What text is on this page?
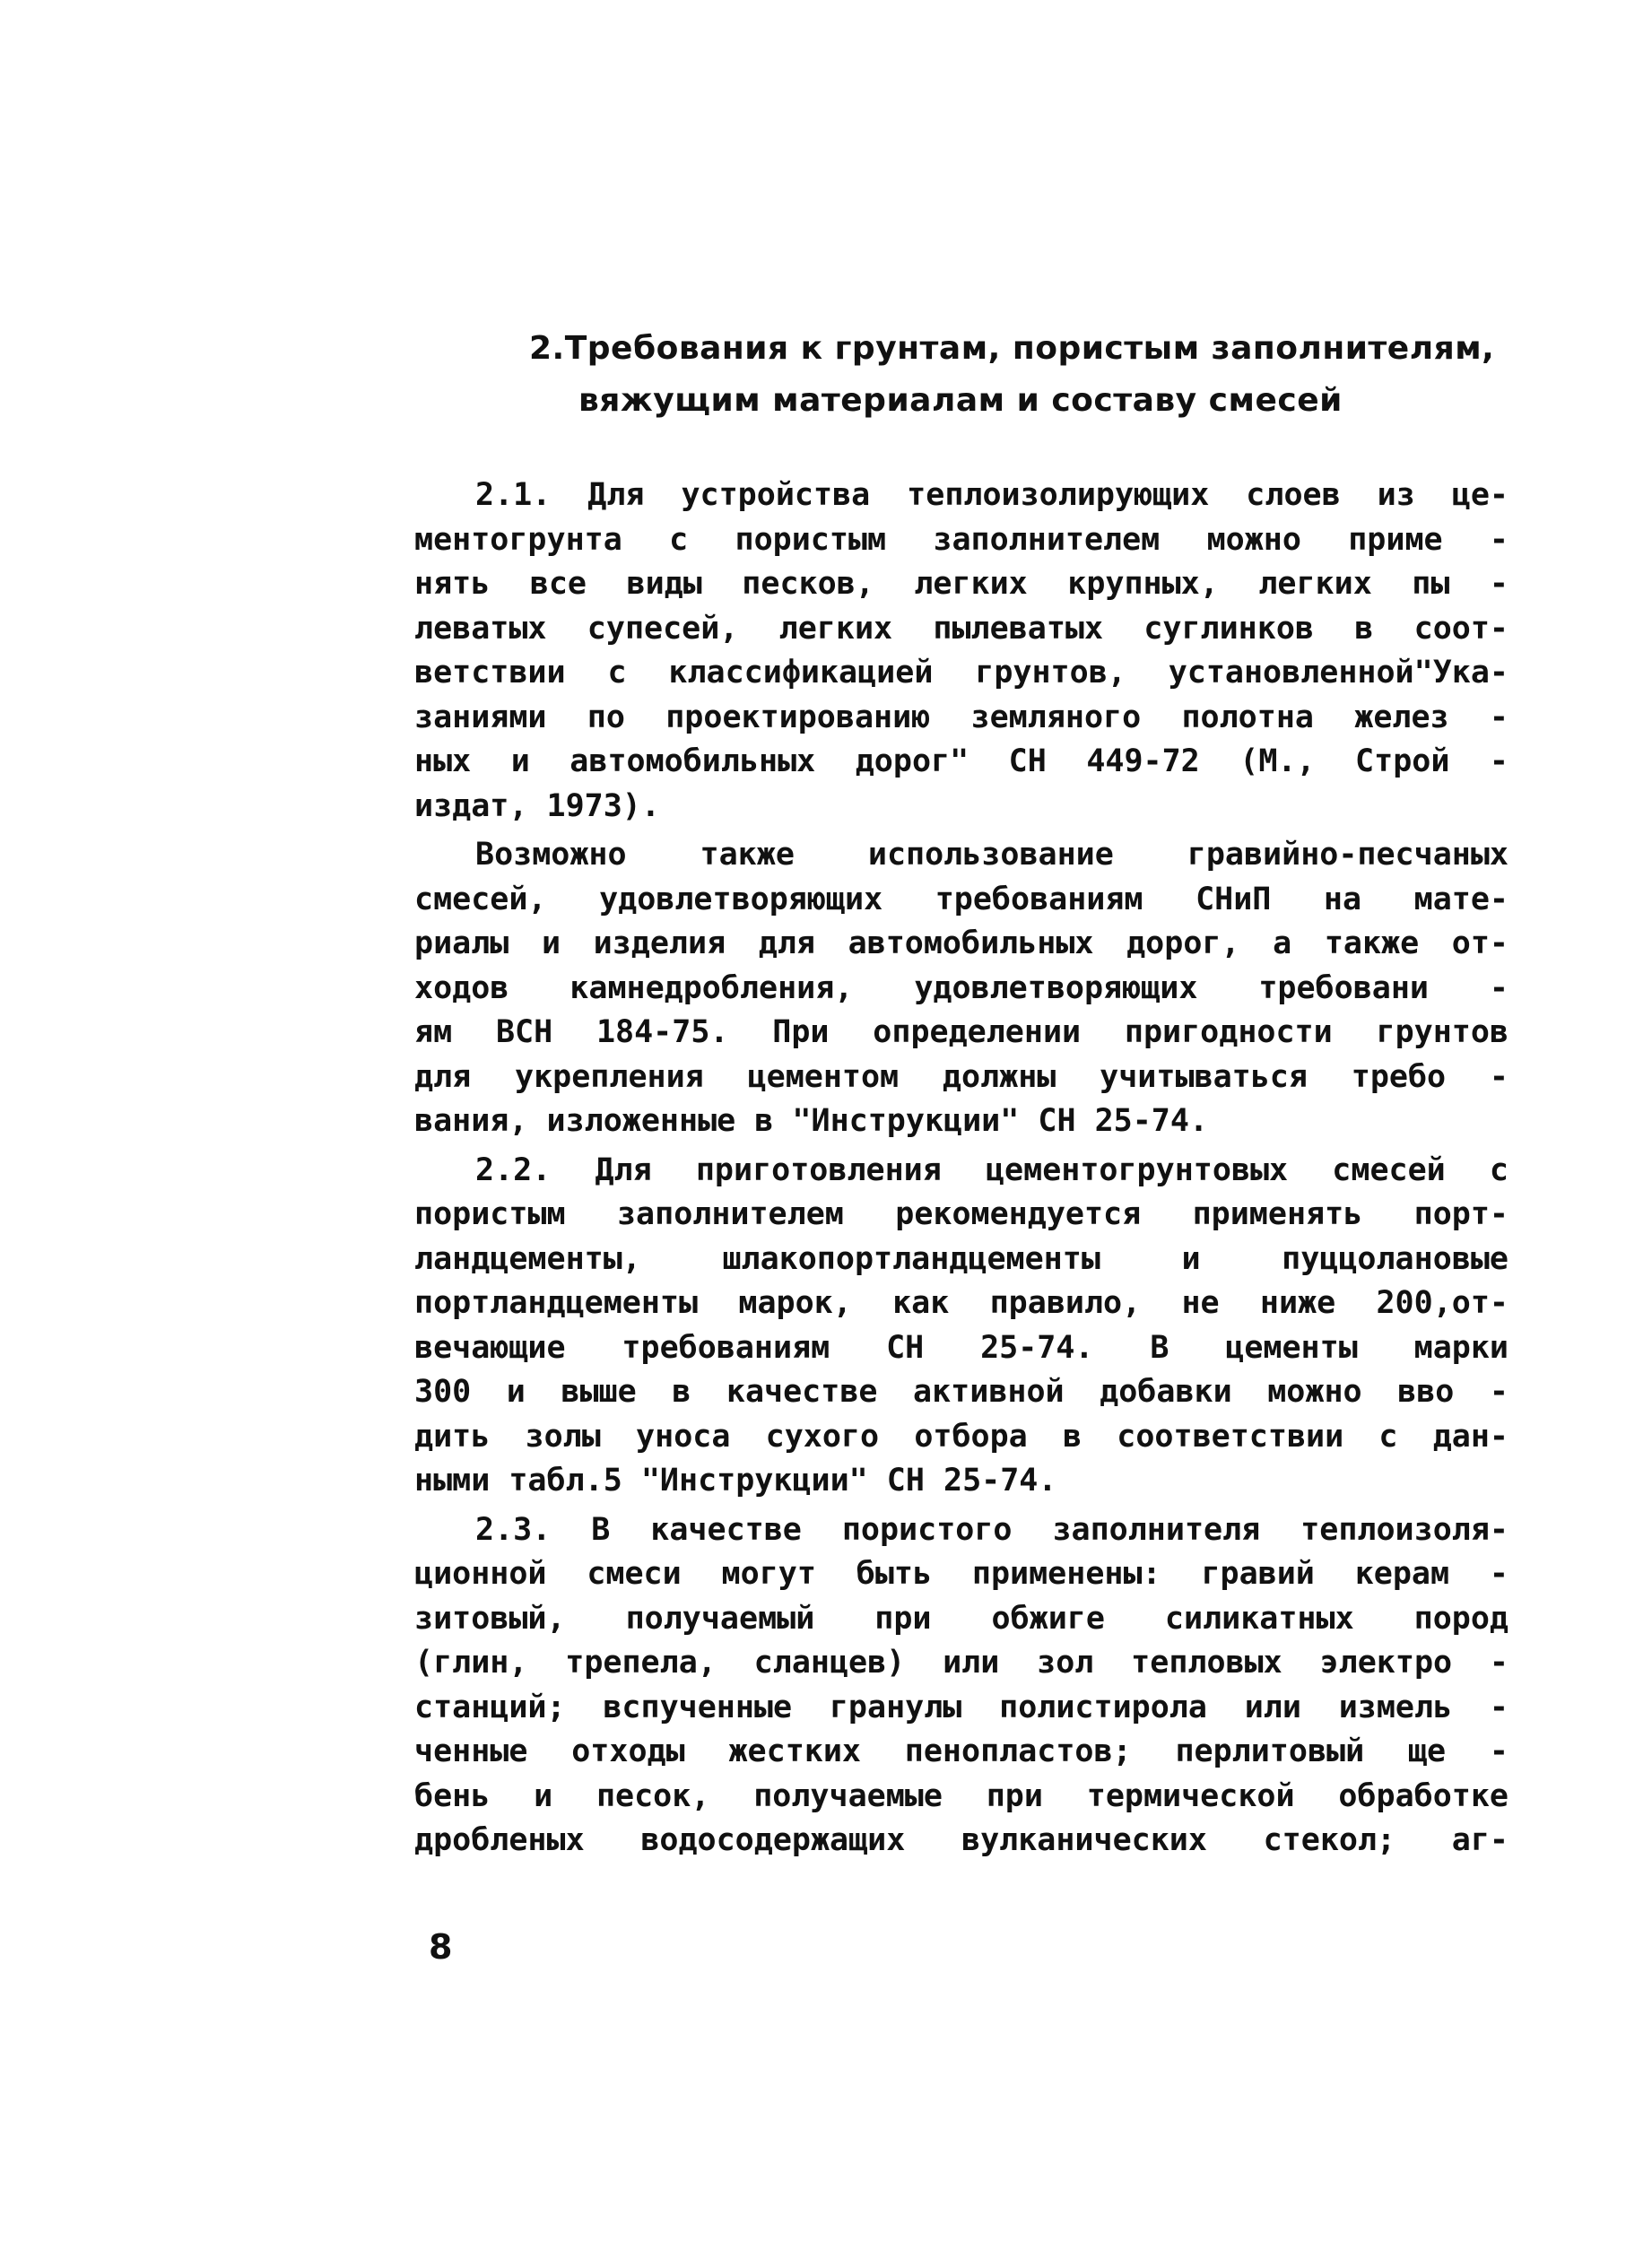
2.Требования к грунтам, пористым заполнителям,
вяжущим материалам и составу смесей
2.1. Для устройства теплоизолирующих слоев из це-
ментогрунта с пористым заполнителем можно приме -
нять все виды песков, легких крупных, легких пы -
леватых супесей, легких пылеватых суглинков в соот-
ветствии с классификацией грунтов, установленной"Ука-
заниями по проектированию земляного полотна желез -
ных и автомобильных дорог" СН 449-72 (М., Строй -
издат, 1973).
Возможно также использование гравийно-песчаных
смесей, удовлетворяющих требованиям СНиП на мате-
риалы и изделия для автомобильных дорог, а также от-
ходов камнедробления, удовлетворяющих требовани -
ям ВСН 184-75. При определении пригодности грунтов
для укрепления цементом должны учитываться требо -
вания, изложенные в "Инструкции" СН 25-74.
2.2. Для приготовления цементогрунтовых смесей с
пористым заполнителем рекомендуется применять порт-
ландцементы, шлакопортландцементы и пуццолановые
портландцементы марок, как правило, не ниже 200,от-
вечающие требованиям СН 25-74. В цементы марки
300 и выше в качестве активной добавки можно вво -
дить золы уноса сухого отбора в соответствии с дан-
ными табл.5 "Инструкции" СН 25-74.
2.3. В качестве пористого заполнителя теплоизоля-
ционной смеси могут быть применены: гравий керам -
зитовый, получаемый при обжиге силикатных пород
(глин, трепела, сланцев) или зол тепловых электро -
станций; вспученные гранулы полистирола или измель -
ченные отходы жестких пенопластов; перлитовый ще -
бень и песок, получаемые при термической обработке
дробленых водосодержащих вулканических стекол; аг-
8
